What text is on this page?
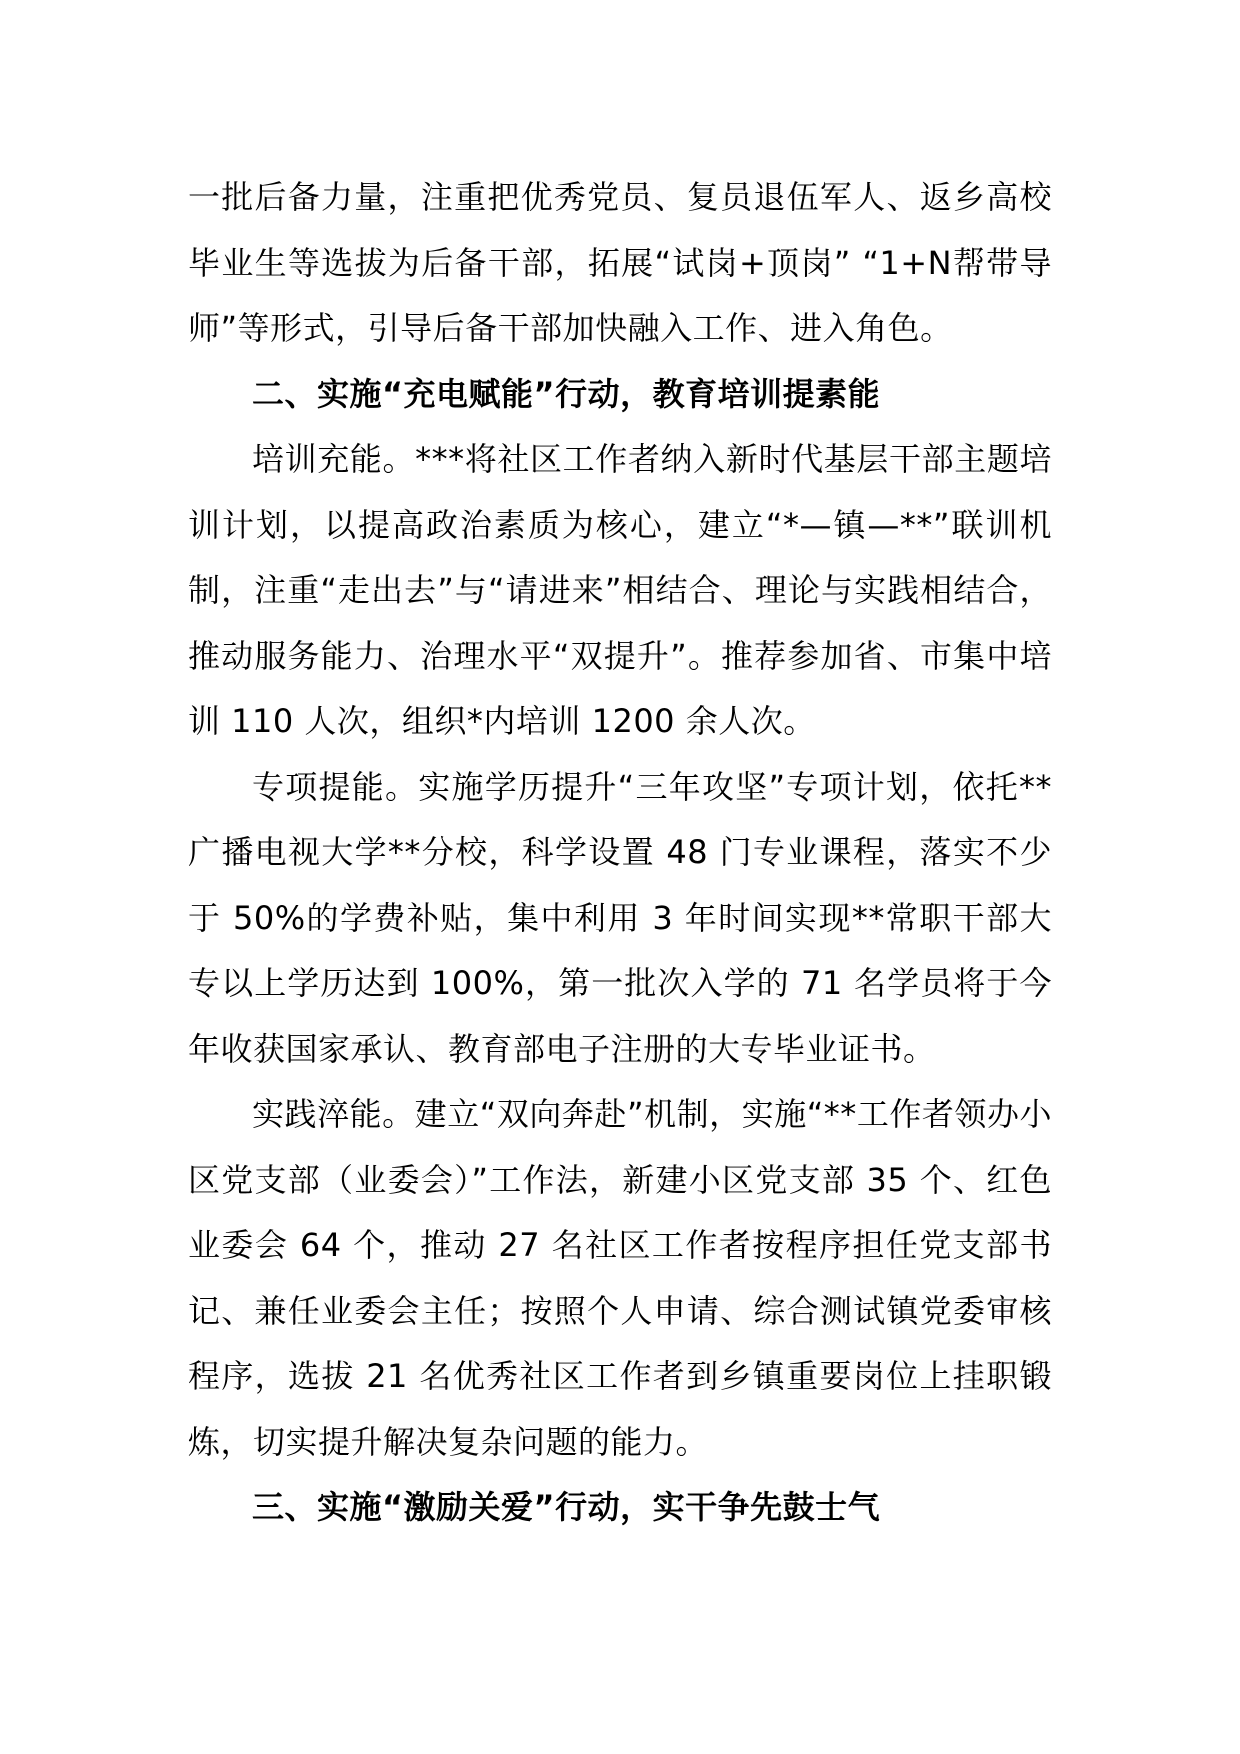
一批后备力量，注重把优秀党员、复员退伍军人、返乡高校毕业生等选拔为后备干部，拓展“试岗+顶岗” “1+N帮带导师”等形式，引导后备干部加快融入工作、进入角色。

二、实施“充电赋能”行动，教育培训提素能

培训充能。***将社区工作者纳入新时代基层干部主题培训计划，以提高政治素质为核心，建立“*—镇—**”联训机制，注重“走出去”与“请进来”相结合、理论与实践相结合，推动服务能力、治理水平“双提升”。推荐参加省、市集中培训 110 人次，组织*内培训 1200 余人次。

专项提能。实施学历提升“三年攻坚”专项计划，依托**广播电视大学**分校，科学设置 48 门专业课程，落实不少于 50%的学费补贴，集中利用 3 年时间实现**常职干部大专以上学历达到 100%，第一批次入学的 71 名学员将于今年收获国家承认、教育部电子注册的大专毕业证书。

实践淬能。建立“双向奔赴”机制，实施“**工作者领办小区党支部（业委会）”工作法，新建小区党支部 35 个、红色业委会 64 个，推动 27 名社区工作者按程序担任党支部书记、兼任业委会主任；按照个人申请、综合测试镇党委审核程序，选拔 21 名优秀社区工作者到乡镇重要岗位上挂职锻炼，切实提升解决复杂问题的能力。

三、实施“激励关爱”行动，实干争先鼓士气
